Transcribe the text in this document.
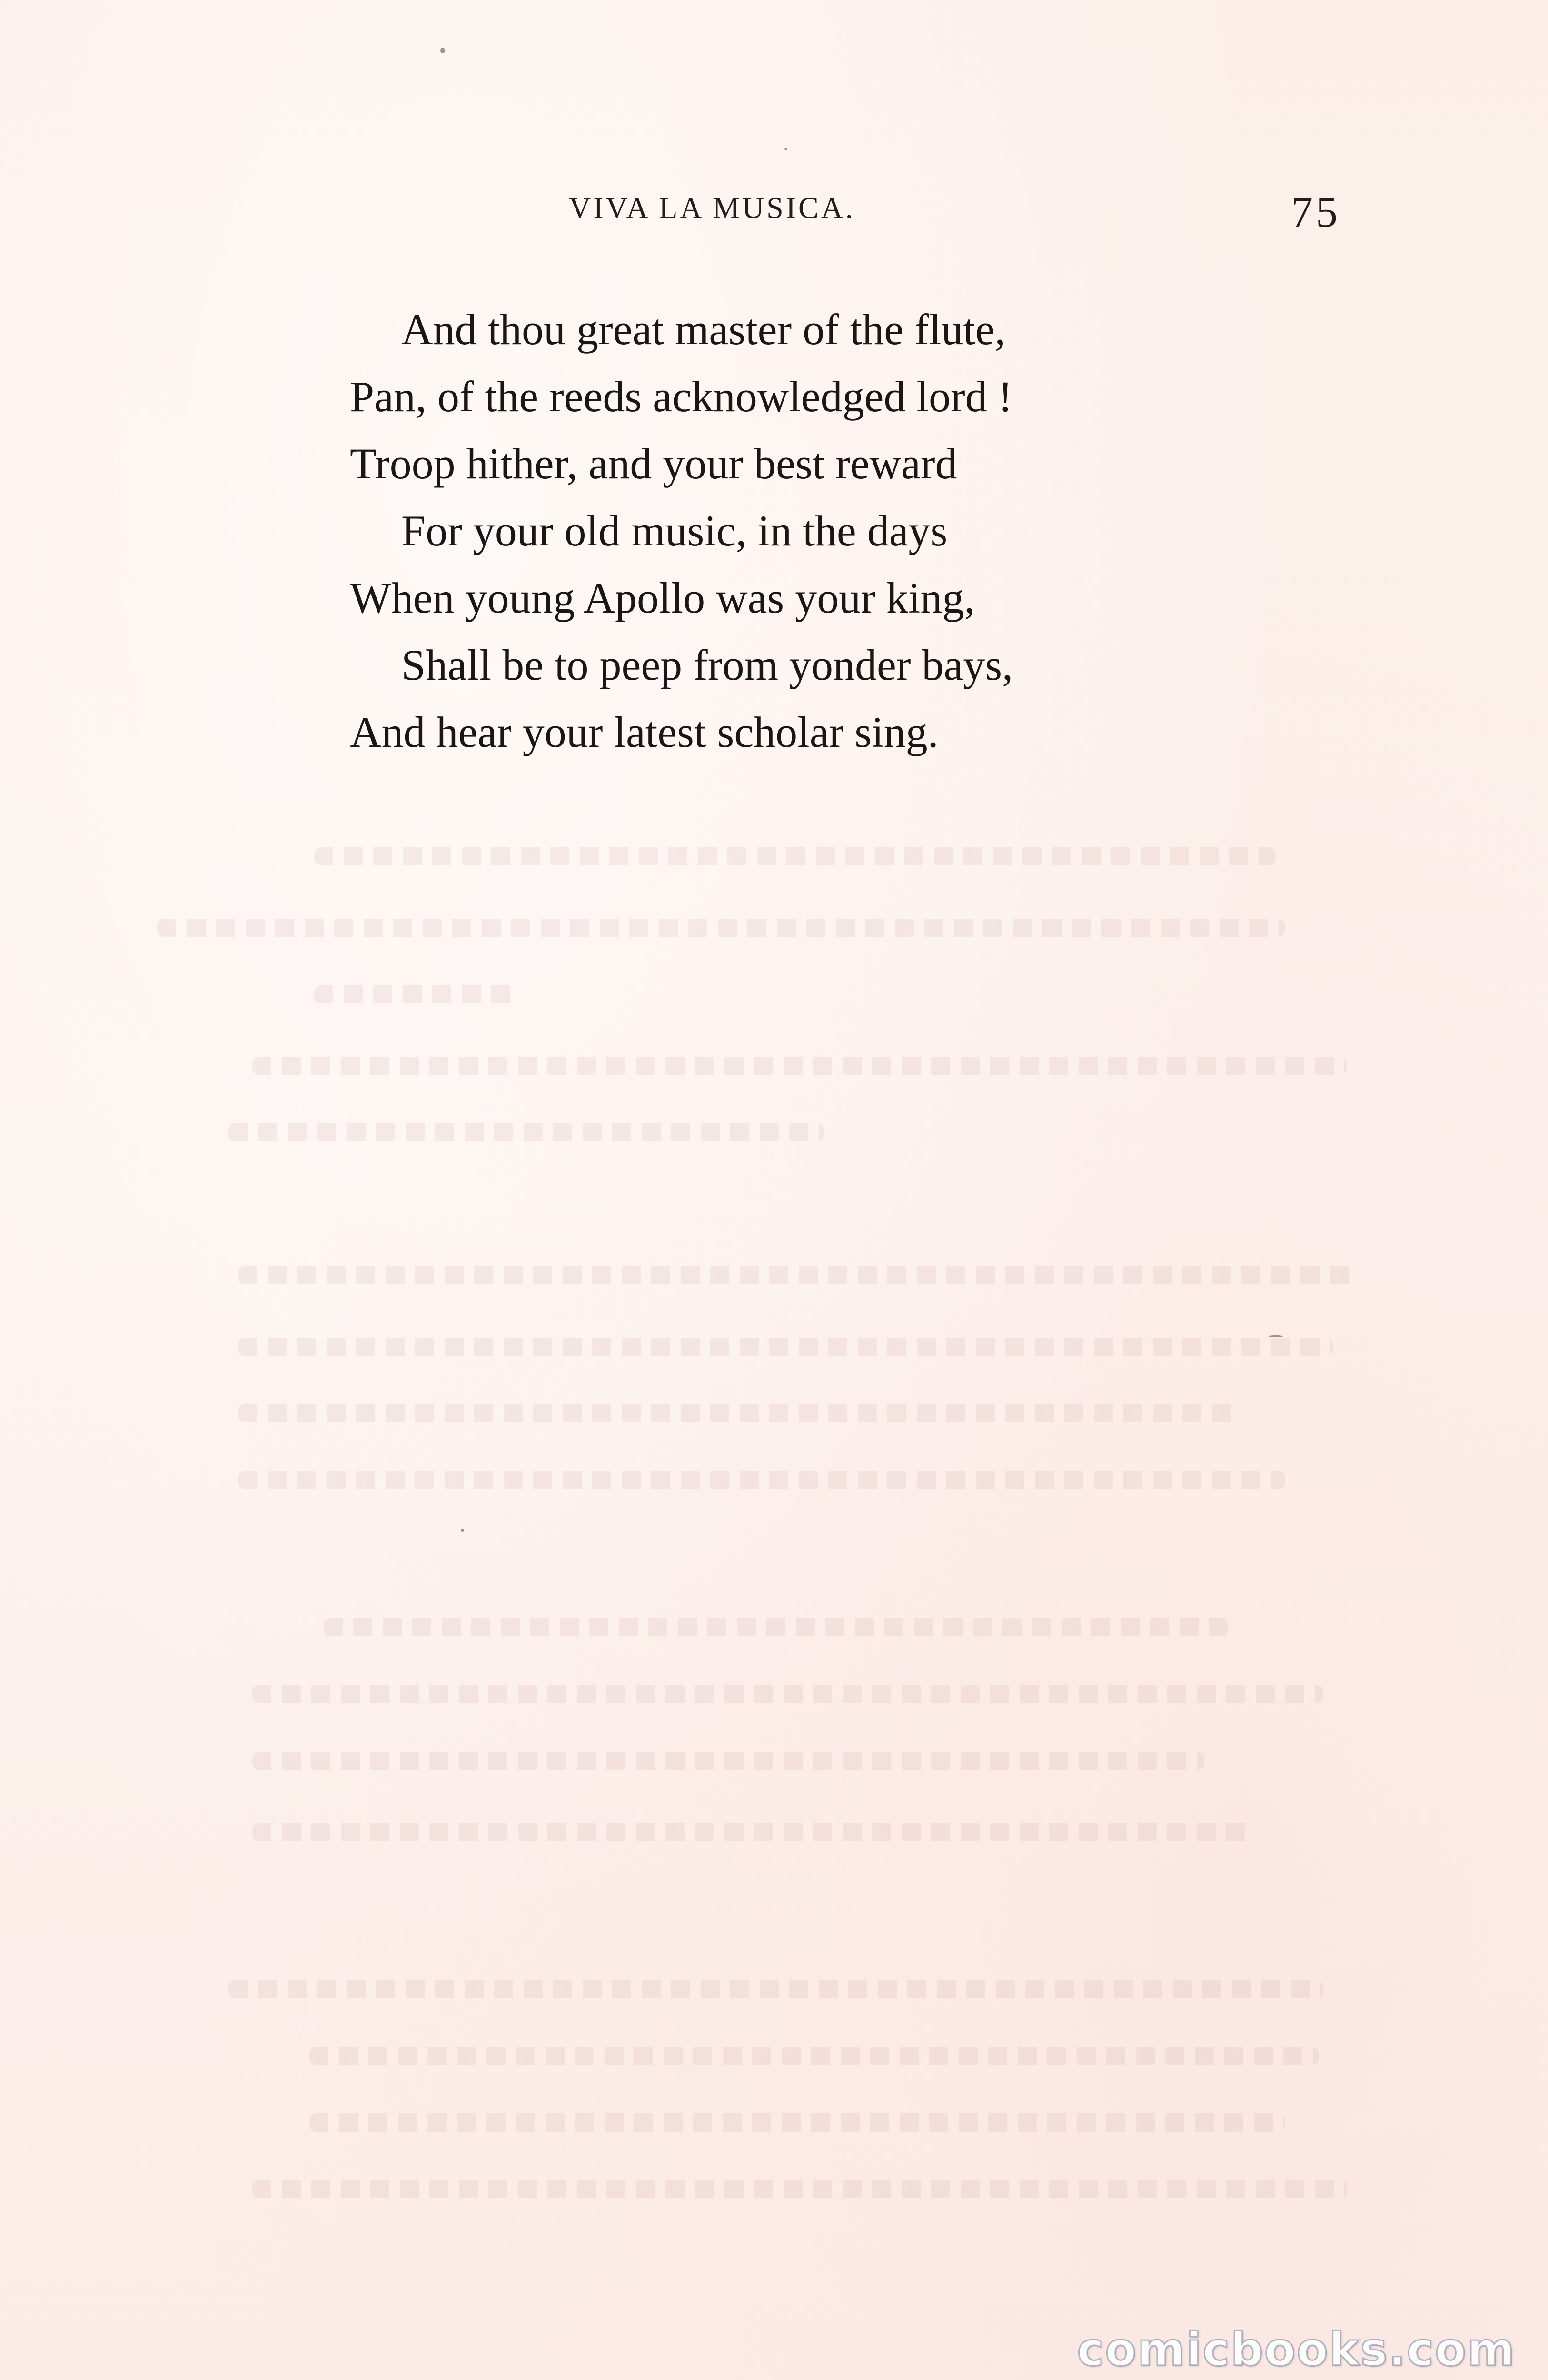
VIVA LA MUSICA.	75
And thou great master of the flute,
Pan, of the reeds acknowledged lord !
Troop hither, and your best reward
For your old music, in the days
When young Apollo was your king,
Shall be to peep from yonder bays,
And hear your latest scholar sing.
comicbooks.com
